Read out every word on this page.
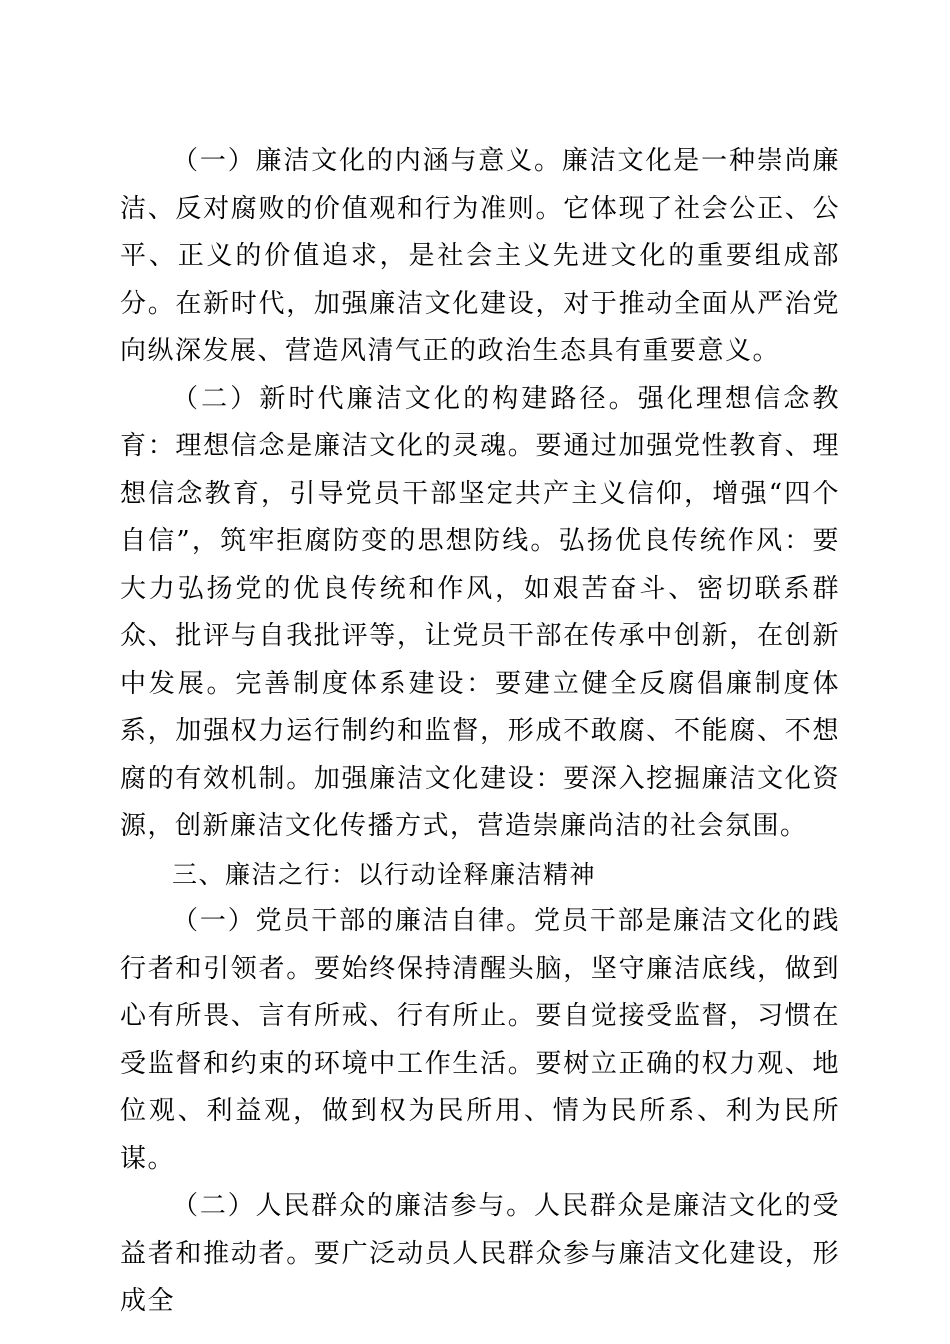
（一）廉洁文化的内涵与意义。廉洁文化是一种崇尚廉洁、反对腐败的价值观和行为准则。它体现了社会公正、公平、正义的价值追求，是社会主义先进文化的重要组成部分。在新时代，加强廉洁文化建设，对于推动全面从严治党向纵深发展、营造风清气正的政治生态具有重要意义。

（二）新时代廉洁文化的构建路径。强化理想信念教育：理想信念是廉洁文化的灵魂。要通过加强党性教育、理想信念教育，引导党员干部坚定共产主义信仰，增强“四个自信”，筑牢拒腐防变的思想防线。弘扬优良传统作风：要大力弘扬党的优良传统和作风，如艰苦奋斗、密切联系群众、批评与自我批评等，让党员干部在传承中创新，在创新中发展。完善制度体系建设：要建立健全反腐倡廉制度体系，加强权力运行制约和监督，形成不敢腐、不能腐、不想腐的有效机制。加强廉洁文化建设：要深入挖掘廉洁文化资源，创新廉洁文化传播方式，营造崇廉尚洁的社会氛围。

三、廉洁之行：以行动诠释廉洁精神

（一）党员干部的廉洁自律。党员干部是廉洁文化的践行者和引领者。要始终保持清醒头脑，坚守廉洁底线，做到心有所畏、言有所戒、行有所止。要自觉接受监督，习惯在受监督和约束的环境中工作生活。要树立正确的权力观、地位观、利益观，做到权为民所用、情为民所系、利为民所谋。

（二）人民群众的廉洁参与。人民群众是廉洁文化的受益者和推动者。要广泛动员人民群众参与廉洁文化建设，形成全
